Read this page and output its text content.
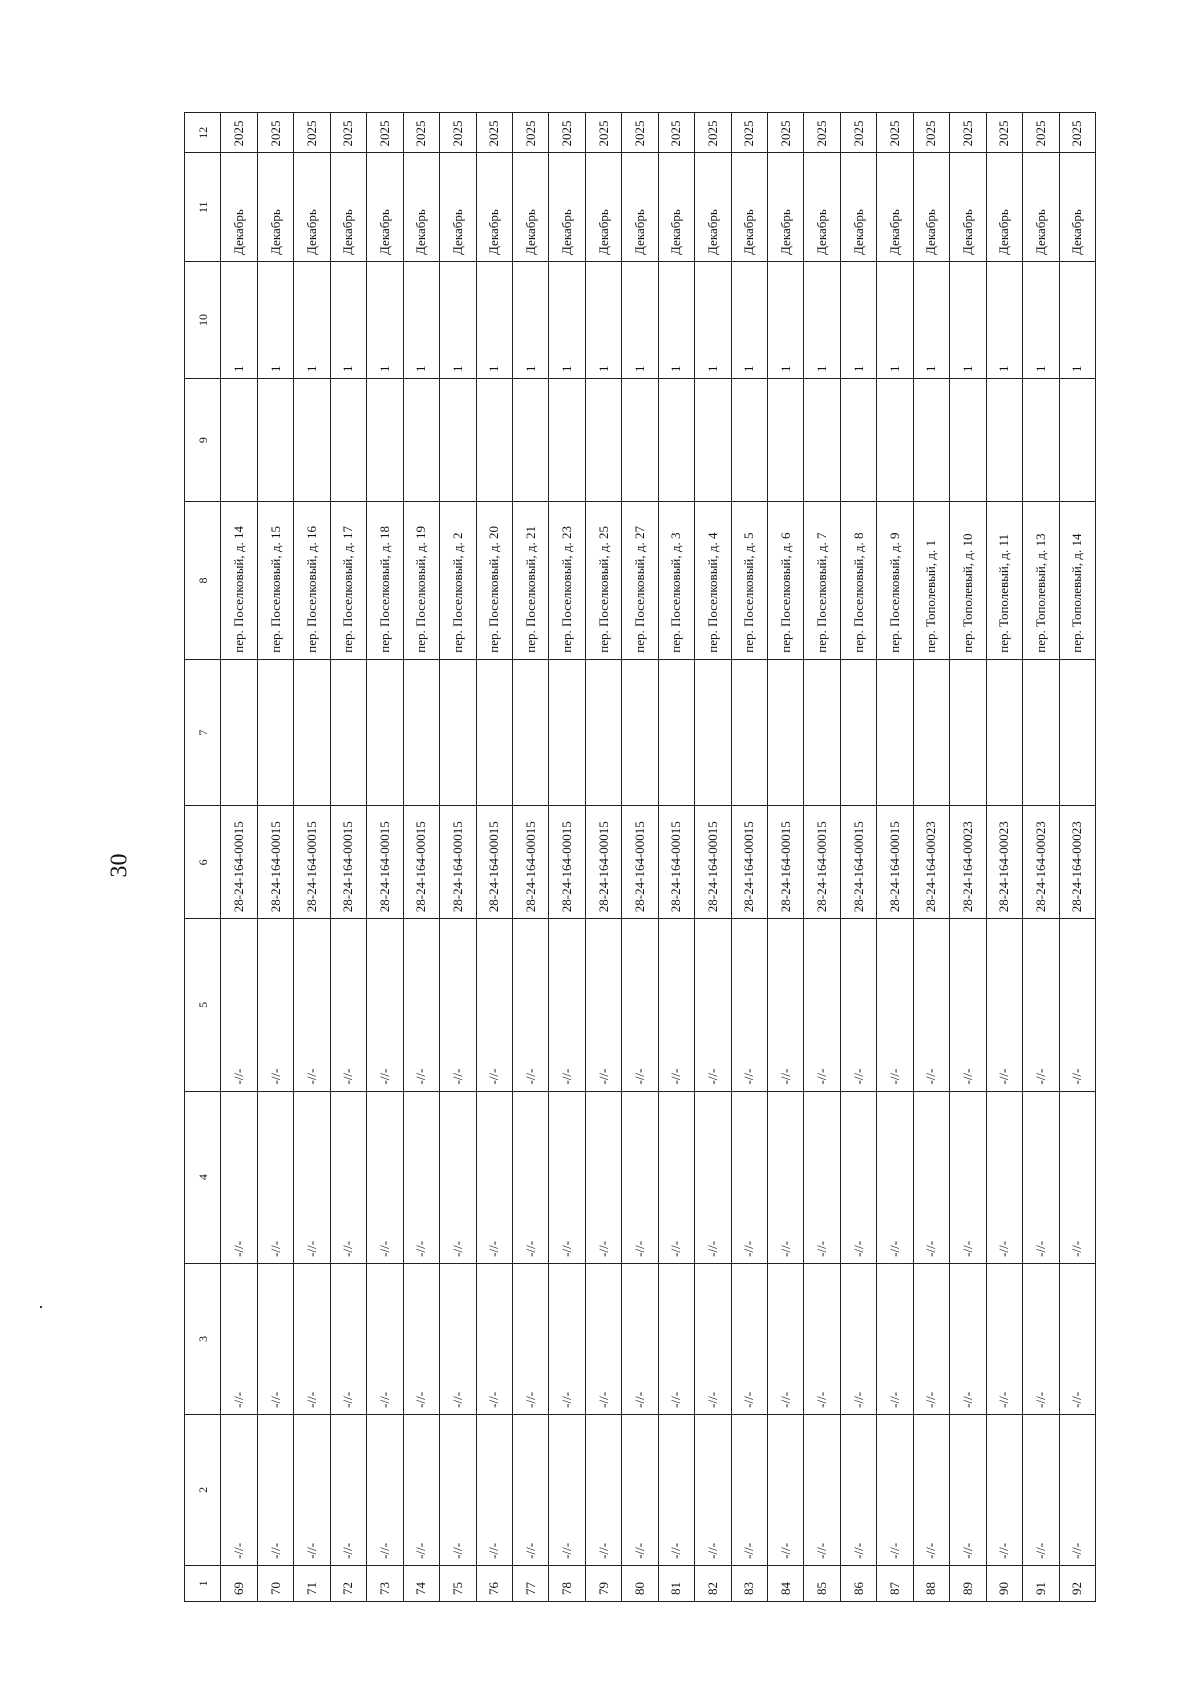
30
1	2	3	4	5	6	7	8	9	10	11	12
69	-//-	-//-	-//-	-//-	28-24-164-00015		пер. Поселковый, д. 14		1	Декабрь	2025
70	-//-	-//-	-//-	-//-	28-24-164-00015		пер. Поселковый, д. 15		1	Декабрь	2025
71	-//-	-//-	-//-	-//-	28-24-164-00015		пер. Поселковый, д. 16		1	Декабрь	2025
72	-//-	-//-	-//-	-//-	28-24-164-00015		пер. Поселковый, д. 17		1	Декабрь	2025
73	-//-	-//-	-//-	-//-	28-24-164-00015		пер. Поселковый, д. 18		1	Декабрь	2025
74	-//-	-//-	-//-	-//-	28-24-164-00015		пер. Поселковый, д. 19		1	Декабрь	2025
75	-//-	-//-	-//-	-//-	28-24-164-00015		пер. Поселковый, д. 2		1	Декабрь	2025
76	-//-	-//-	-//-	-//-	28-24-164-00015		пер. Поселковый, д. 20		1	Декабрь	2025
77	-//-	-//-	-//-	-//-	28-24-164-00015		пер. Поселковый, д. 21		1	Декабрь	2025
78	-//-	-//-	-//-	-//-	28-24-164-00015		пер. Поселковый, д. 23		1	Декабрь	2025
79	-//-	-//-	-//-	-//-	28-24-164-00015		пер. Поселковый, д. 25		1	Декабрь	2025
80	-//-	-//-	-//-	-//-	28-24-164-00015		пер. Поселковый, д. 27		1	Декабрь	2025
81	-//-	-//-	-//-	-//-	28-24-164-00015		пер. Поселковый, д. 3		1	Декабрь	2025
82	-//-	-//-	-//-	-//-	28-24-164-00015		пер. Поселковый, д. 4		1	Декабрь	2025
83	-//-	-//-	-//-	-//-	28-24-164-00015		пер. Поселковый, д. 5		1	Декабрь	2025
84	-//-	-//-	-//-	-//-	28-24-164-00015		пер. Поселковый, д. 6		1	Декабрь	2025
85	-//-	-//-	-//-	-//-	28-24-164-00015		пер. Поселковый, д. 7		1	Декабрь	2025
86	-//-	-//-	-//-	-//-	28-24-164-00015		пер. Поселковый, д. 8		1	Декабрь	2025
87	-//-	-//-	-//-	-//-	28-24-164-00015		пер. Поселковый, д. 9		1	Декабрь	2025
88	-//-	-//-	-//-	-//-	28-24-164-00023		пер. Тополевый, д. 1		1	Декабрь	2025
89	-//-	-//-	-//-	-//-	28-24-164-00023		пер. Тополевый, д. 10		1	Декабрь	2025
90	-//-	-//-	-//-	-//-	28-24-164-00023		пер. Тополевый, д. 11		1	Декабрь	2025
91	-//-	-//-	-//-	-//-	28-24-164-00023		пер. Тополевый, д. 13		1	Декабрь	2025
92	-//-	-//-	-//-	-//-	28-24-164-00023		пер. Тополевый, д. 14		1	Декабрь	2025
